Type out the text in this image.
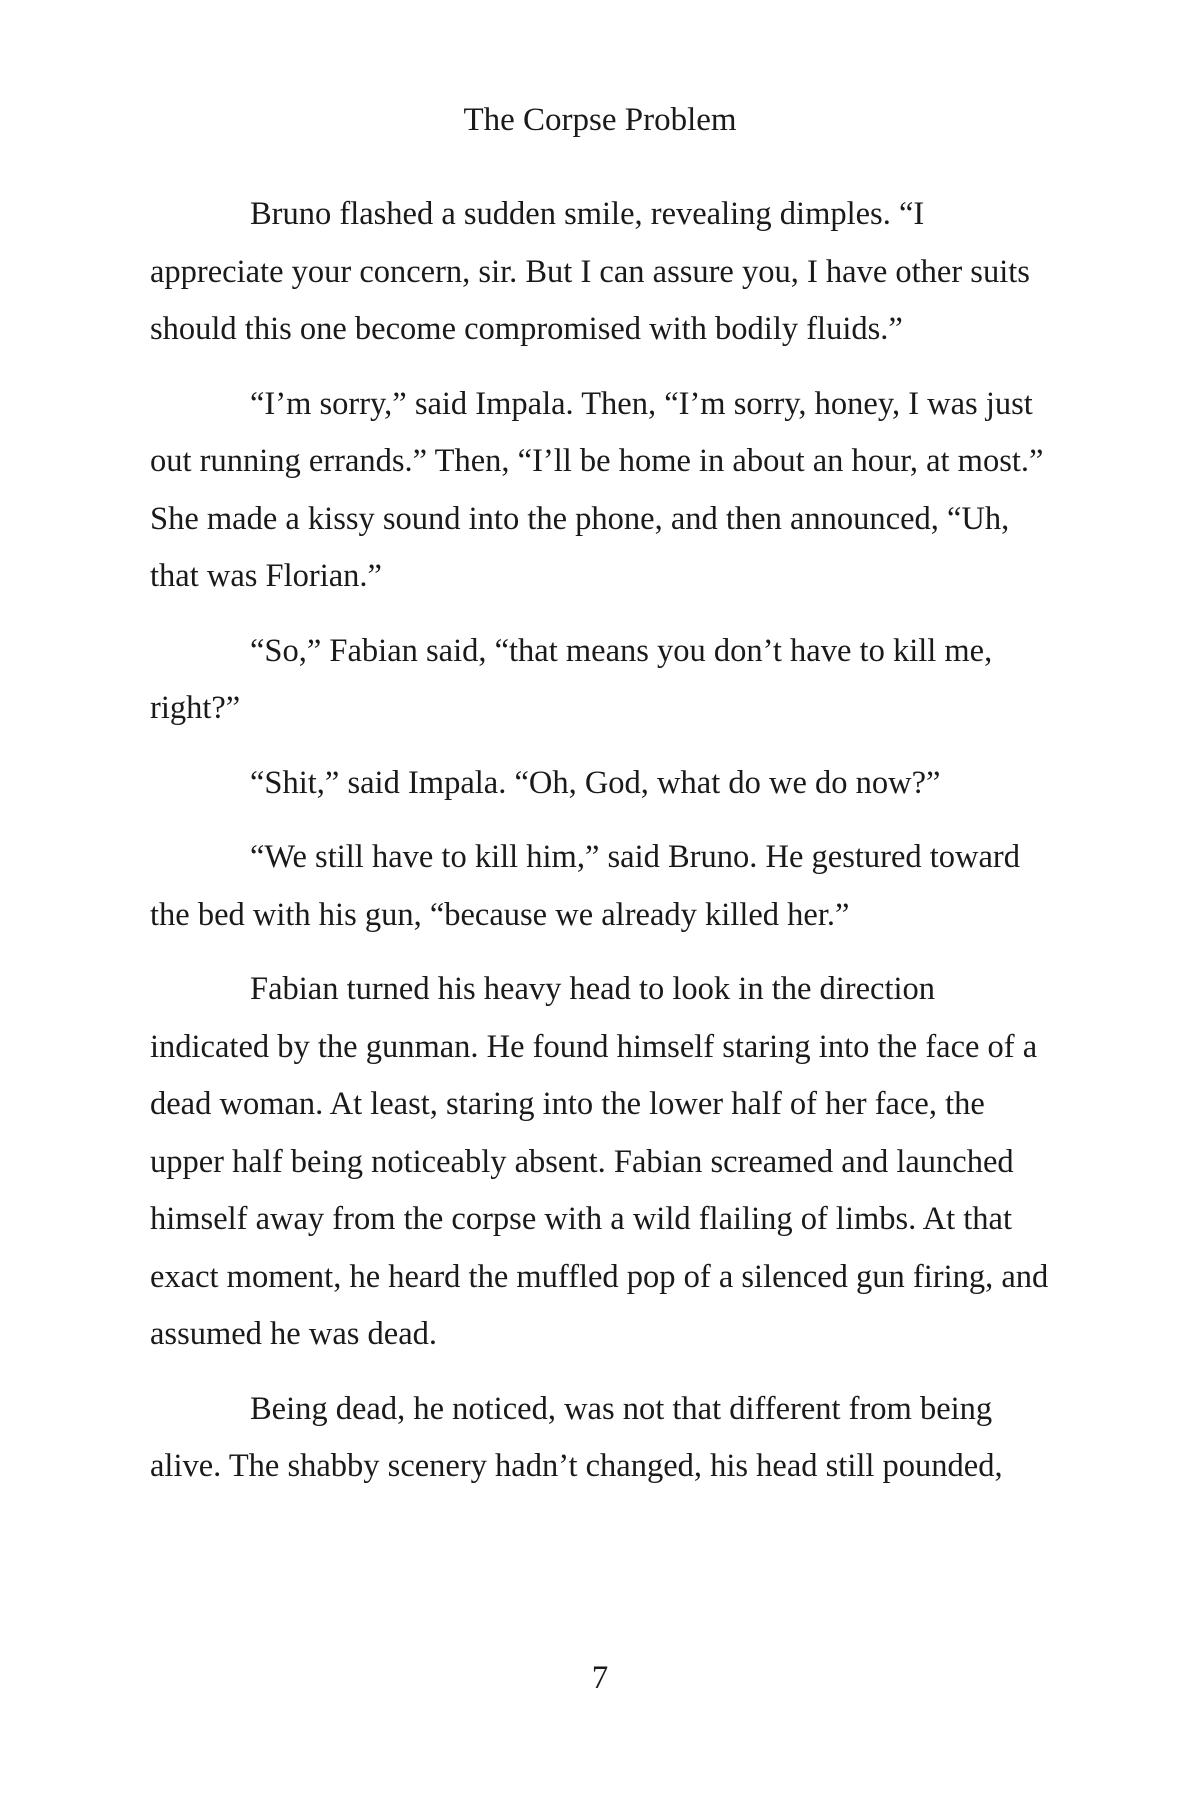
The Corpse Problem

Bruno flashed a sudden smile, revealing dimples. “I appreciate your concern, sir. But I can assure you, I have other suits should this one become compromised with bodily fluids.”

“I’m sorry,” said Impala. Then, “I’m sorry, honey, I was just out running errands.” Then, “I’ll be home in about an hour, at most.” She made a kissy sound into the phone, and then announced, “Uh, that was Florian.”

“So,” Fabian said, “that means you don’t have to kill me, right?”

“Shit,” said Impala. “Oh, God, what do we do now?”

“We still have to kill him,” said Bruno. He gestured toward the bed with his gun, “because we already killed her.”

Fabian turned his heavy head to look in the direction indicated by the gunman. He found himself staring into the face of a dead woman. At least, staring into the lower half of her face, the upper half being noticeably absent. Fabian screamed and launched himself away from the corpse with a wild flailing of limbs. At that exact moment, he heard the muffled pop of a silenced gun firing, and assumed he was dead.

Being dead, he noticed, was not that different from being alive. The shabby scenery hadn’t changed, his head still pounded,

7
